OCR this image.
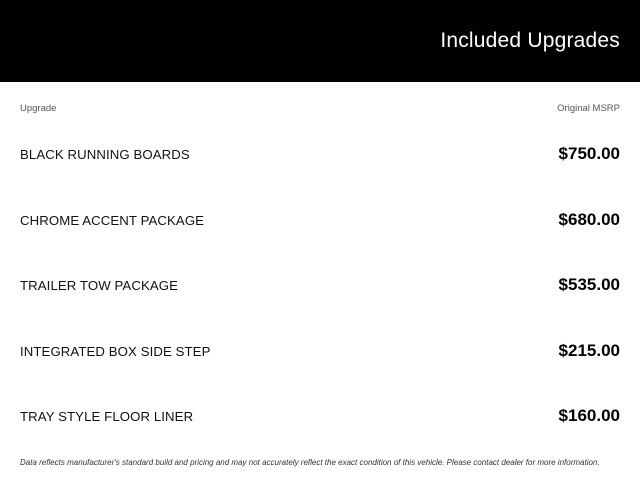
Included Upgrades
Upgrade	Original MSRP
BLACK RUNNING BOARDS	$750.00
CHROME ACCENT PACKAGE	$680.00
TRAILER TOW PACKAGE	$535.00
INTEGRATED BOX SIDE STEP	$215.00
TRAY STYLE FLOOR LINER	$160.00
Data reflects manufacturer's standard build and pricing and may not accurately reflect the exact condition of this vehicle. Please contact dealer for more information.
